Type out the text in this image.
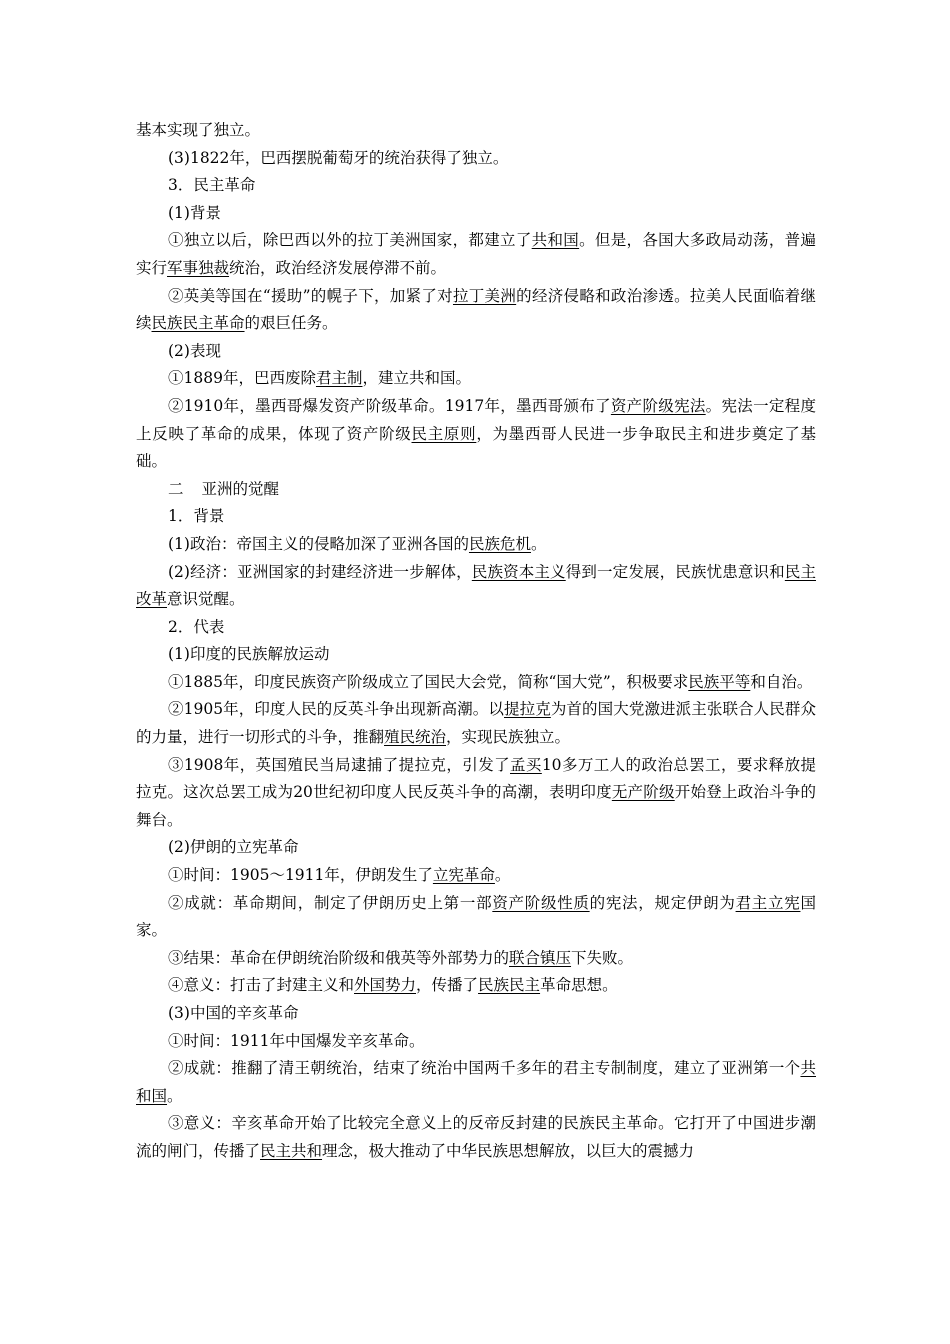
基本实现了独立。

(3)1822年，巴西摆脱葡萄牙的统治获得了独立。

3．民主革命

(1)背景

①独立以后，除巴西以外的拉丁美洲国家，都建立了共和国。但是，各国大多政局动荡，普遍实行军事独裁统治，政治经济发展停滞不前。

②英美等国在“援助”的幌子下，加紧了对拉丁美洲的经济侵略和政治渗透。拉美人民面临着继续民族民主革命的艰巨任务。

(2)表现

①1889年，巴西废除君主制，建立共和国。

②1910年，墨西哥爆发资产阶级革命。1917年，墨西哥颁布了资产阶级宪法。宪法一定程度上反映了革命的成果，体现了资产阶级民主原则，为墨西哥人民进一步争取民主和进步奠定了基础。

二 亚洲的觉醒

1．背景

(1)政治：帝国主义的侵略加深了亚洲各国的民族危机。

(2)经济：亚洲国家的封建经济进一步解体，民族资本主义得到一定发展，民族忧患意识和民主改革意识觉醒。

2．代表

(1)印度的民族解放运动

①1885年，印度民族资产阶级成立了国民大会党，简称“国大党”，积极要求民族平等和自治。

②1905年，印度人民的反英斗争出现新高潮。以提拉克为首的国大党激进派主张联合人民群众的力量，进行一切形式的斗争，推翻殖民统治，实现民族独立。

③1908年，英国殖民当局逮捕了提拉克，引发了孟买10多万工人的政治总罢工，要求释放提拉克。这次总罢工成为20世纪初印度人民反英斗争的高潮，表明印度无产阶级开始登上政治斗争的舞台。

(2)伊朗的立宪革命

①时间：1905～1911年，伊朗发生了立宪革命。

②成就：革命期间，制定了伊朗历史上第一部资产阶级性质的宪法，规定伊朗为君主立宪国家。

③结果：革命在伊朗统治阶级和俄英等外部势力的联合镇压下失败。

④意义：打击了封建主义和外国势力，传播了民族民主革命思想。

(3)中国的辛亥革命

①时间：1911年中国爆发辛亥革命。

②成就：推翻了清王朝统治，结束了统治中国两千多年的君主专制制度，建立了亚洲第一个共和国。

③意义：辛亥革命开始了比较完全意义上的反帝反封建的民族民主革命。它打开了中国进步潮流的闸门，传播了民主共和理念，极大推动了中华民族思想解放，以巨大的震撼力
